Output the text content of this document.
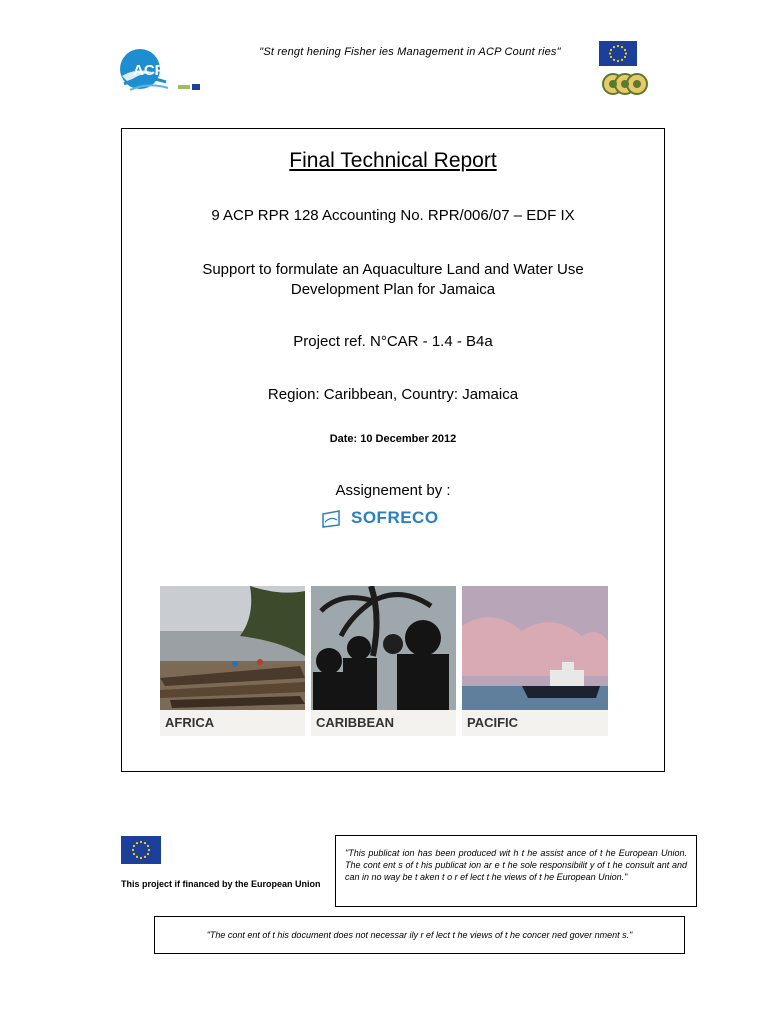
ACPFish II
"St rengt hening Fisher ies Management in ACP Count ries"
Final Technical Report
9 ACP RPR 128 Accounting No. RPR/006/07 – EDF IX
Support to formulate an Aquaculture Land and Water Use
Development Plan for Jamaica
Project ref. N°CAR - 1.4 - B4a
Region: Caribbean, Country: Jamaica
Date: 10 December 2012
Assignement by :
SOFRECO
AFRICA	CARIBBEAN	PACIFIC
This project if financed by the European Union
"This publicat ion has been produced wit h t he assist ance of t he European Union. The cont ent s of t his publicat ion ar e t he sole responsibilit y of t he consult ant and can in no way be t aken t o r ef lect t he views of t he European Union."
"The cont ent of t his document does not necessar ily r ef lect t he views of t he concer ned gover nment s."
